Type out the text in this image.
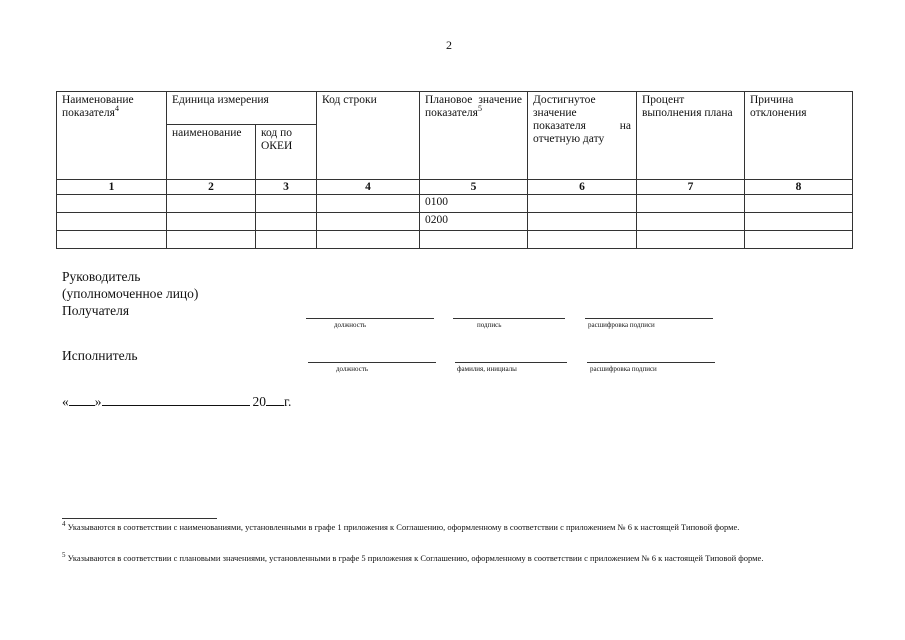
2
Наименование показателя$^4$	Единица измерения		Код строки	Плановое значение показателя$^5$	Достигнутое значение показателя на отчетную дату	Процент выполнения плана	Причина отклонения
	наименование	код по ОКЕИ					
1	2	3	4	5	6	7	8
				0100			
				0200			

Руководитель
(уполномоченное лицо)
Получателя
должность	подпись	расшифровка подписи
Исполнитель
должность	фамилия, инициалы	расшифровка подписи
« »	20 г.
$^4$ Указываются в соответствии с наименованиями, установленными в графе 1 приложения к Соглашению, оформленному в соответствии с приложением № 6 к настоящей Типовой форме.
$^5$ Указываются в соответствии с плановыми значениями, установленными в графе 5 приложения к Соглашению, оформленному в соответствии с приложением № 6 к настоящей Типовой форме.
